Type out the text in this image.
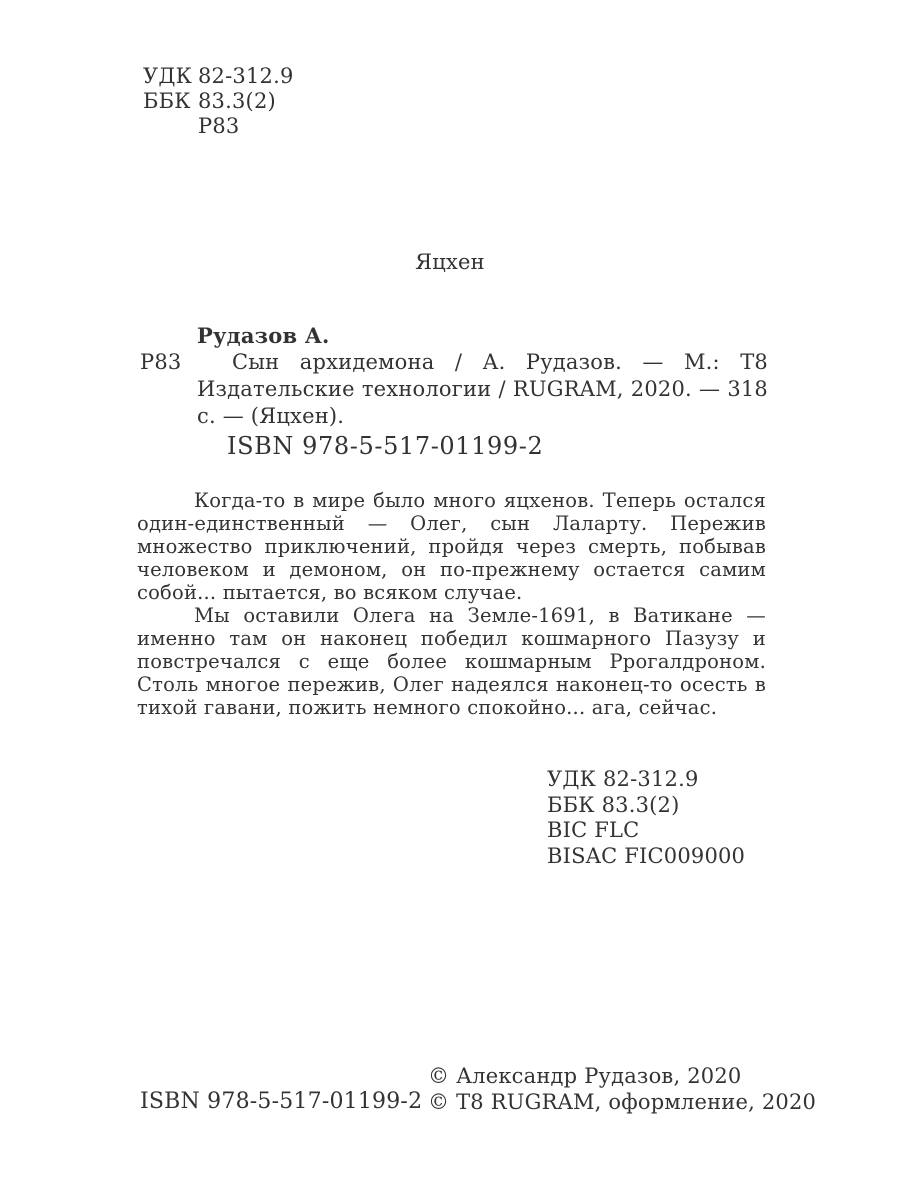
УДК 82-312.9
ББК 83.3(2)
Р83
Яцхен
Рудазов А.
Р83	Сын архидемона / А. Рудазов. — М.: Т8 Издательские технологии / RUGRAM, 2020. — 318 с. — (Яцхен).

ISBN 978-5-517-01199-2

Когда-то в мире было много яцхенов. Теперь остался один-единственный — Олег, сын Лаларту. Пережив множество приключений, пройдя через смерть, побывав человеком и демоном, он по-прежнему остается самим собой... пытается, во всяком случае.

Мы оставили Олега на Земле-1691, в Ватикане — именно там он наконец победил кошмарного Пазузу и повстречался с еще более кошмарным Ррогалдроном. Столь многое пережив, Олег надеялся наконец-то осесть в тихой гавани, пожить немного спокойно... ага, сейчас.

УДК 82-312.9
ББК 83.3(2)
BIC FLC
BISAC FIC009000
ISBN 978-5-517-01199-2
© Александр Рудазов, 2020
© Т8 RUGRAM, оформление, 2020
